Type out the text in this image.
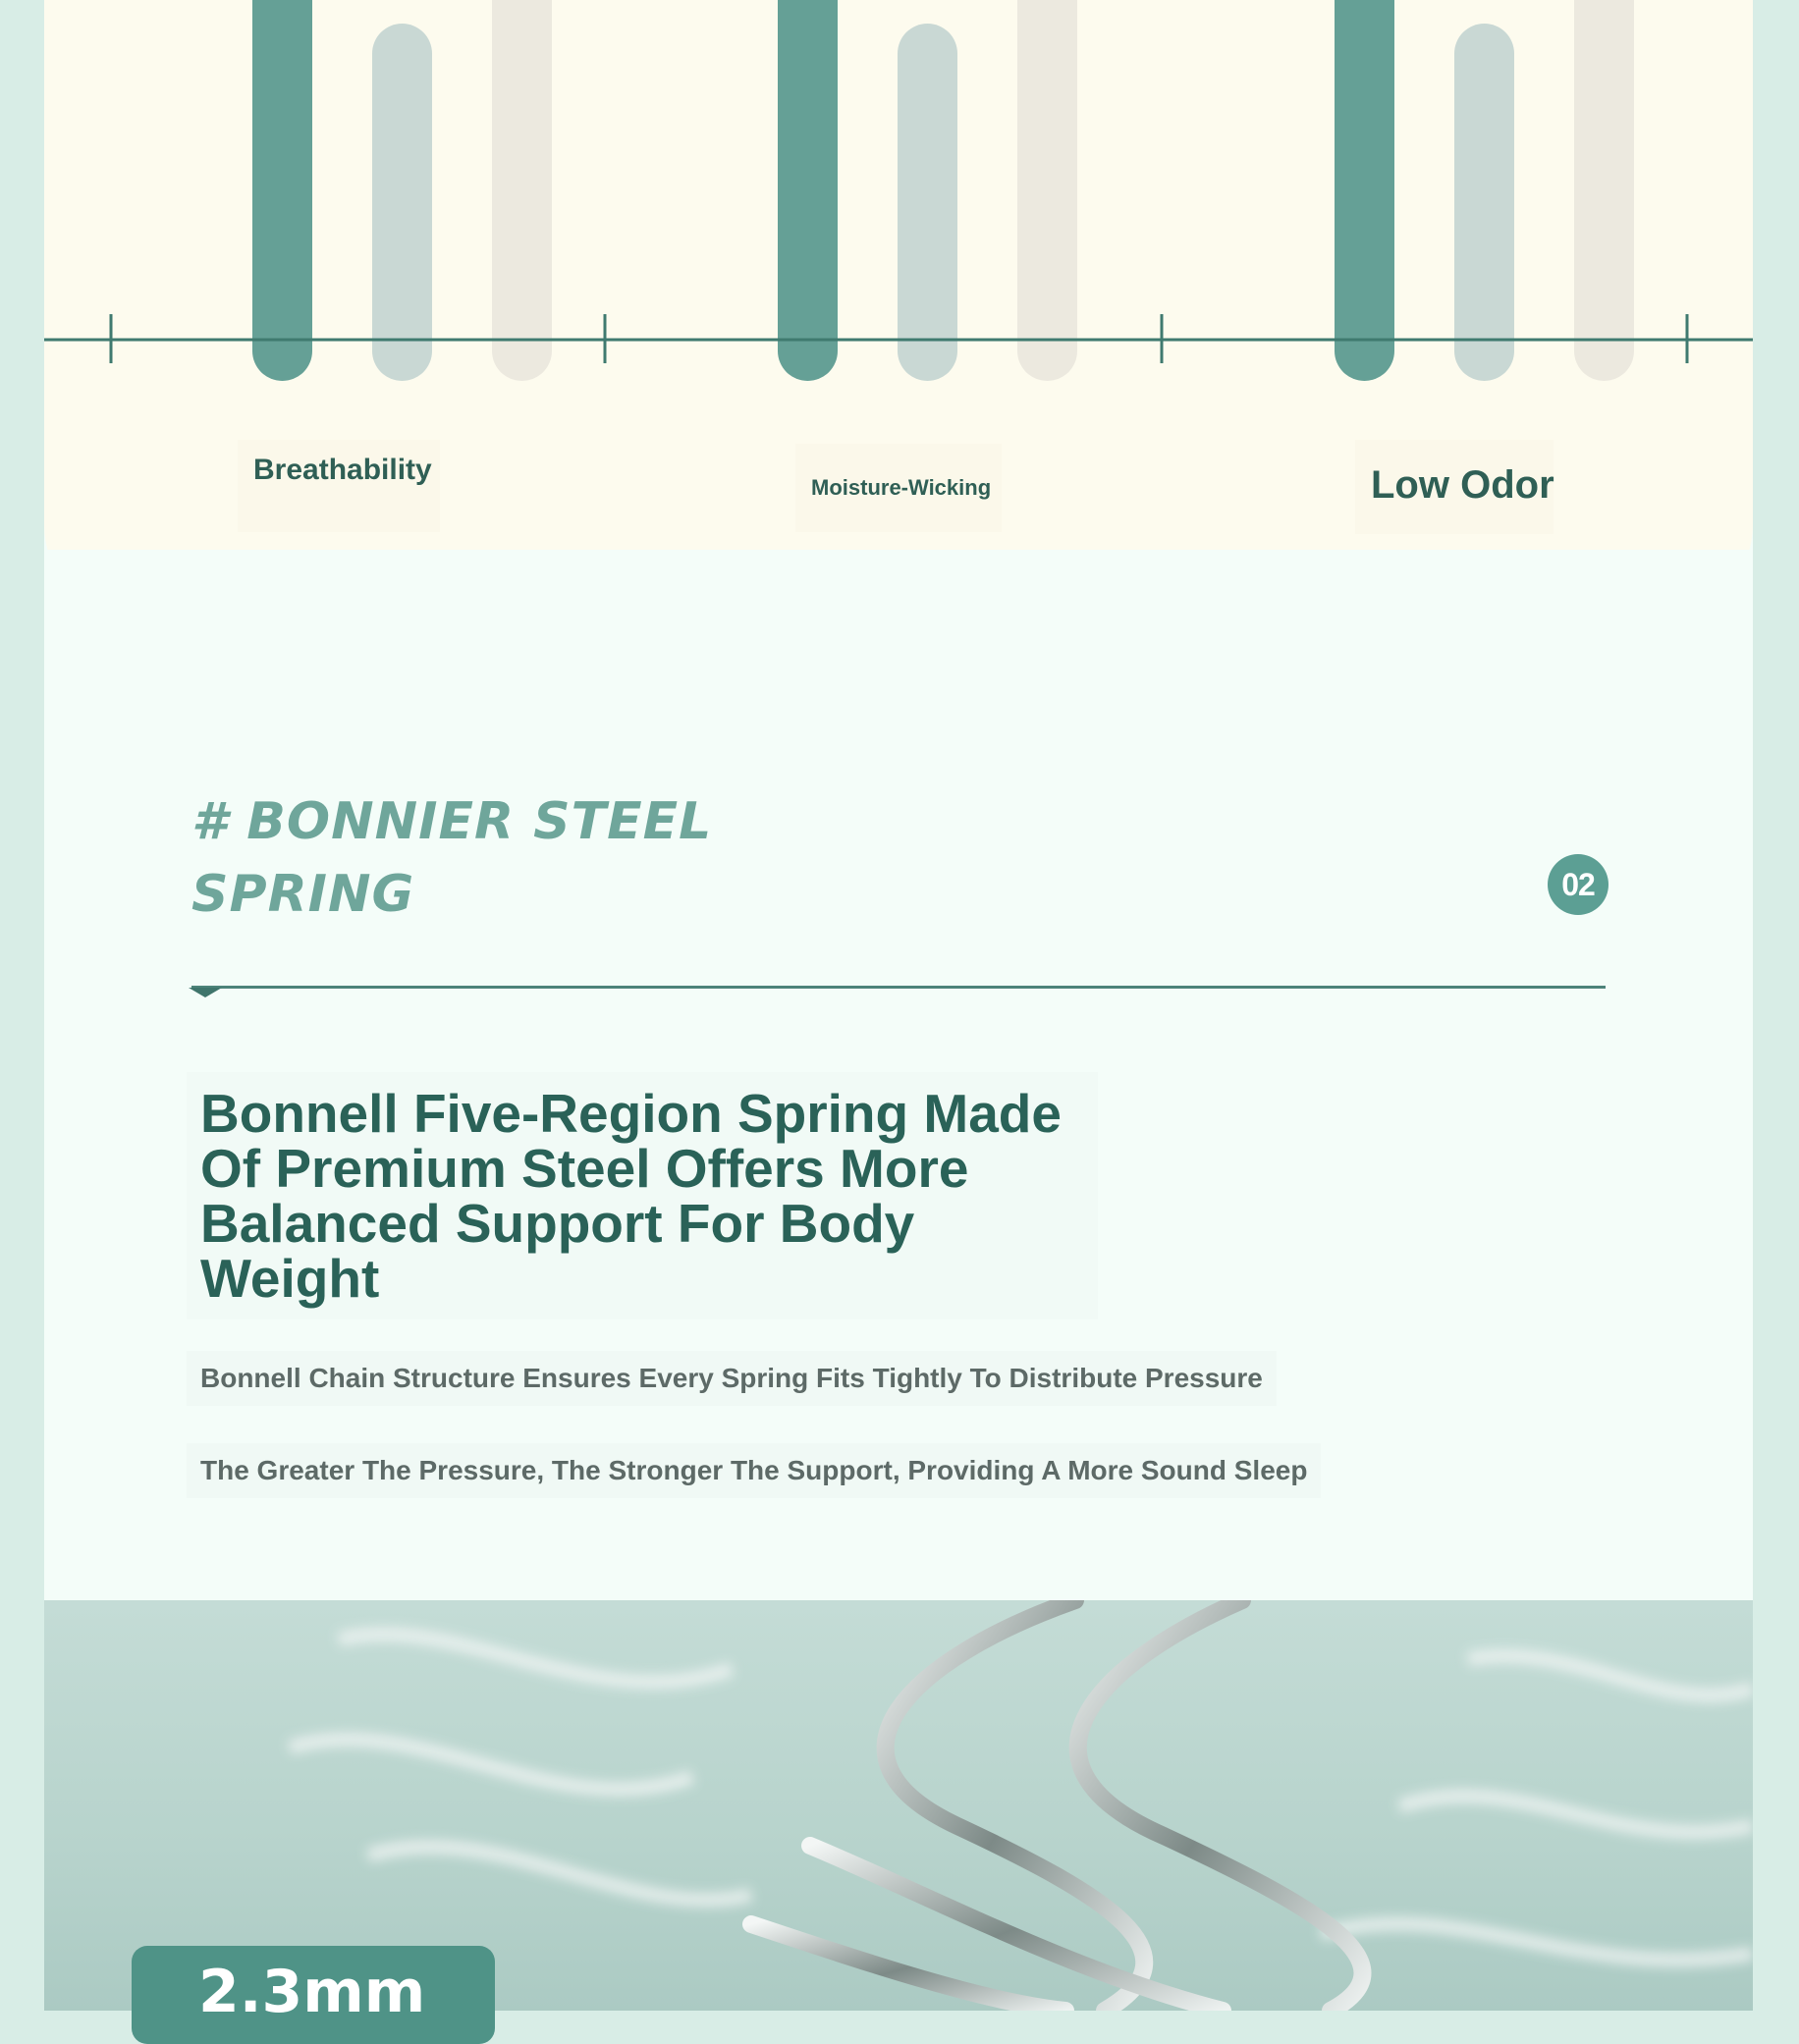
Breathability
Moisture-Wicking	Low Odor
# BONNIER STEEL SPRING	02
Bonnell Five-Region Spring Made Of Premium Steel Offers More Balanced Support For Body Weight
Bonnell Chain Structure Ensures Every Spring Fits Tightly To Distribute Pressure
The Greater The Pressure, The Stronger The Support, Providing A More Sound Sleep
2.3mm
